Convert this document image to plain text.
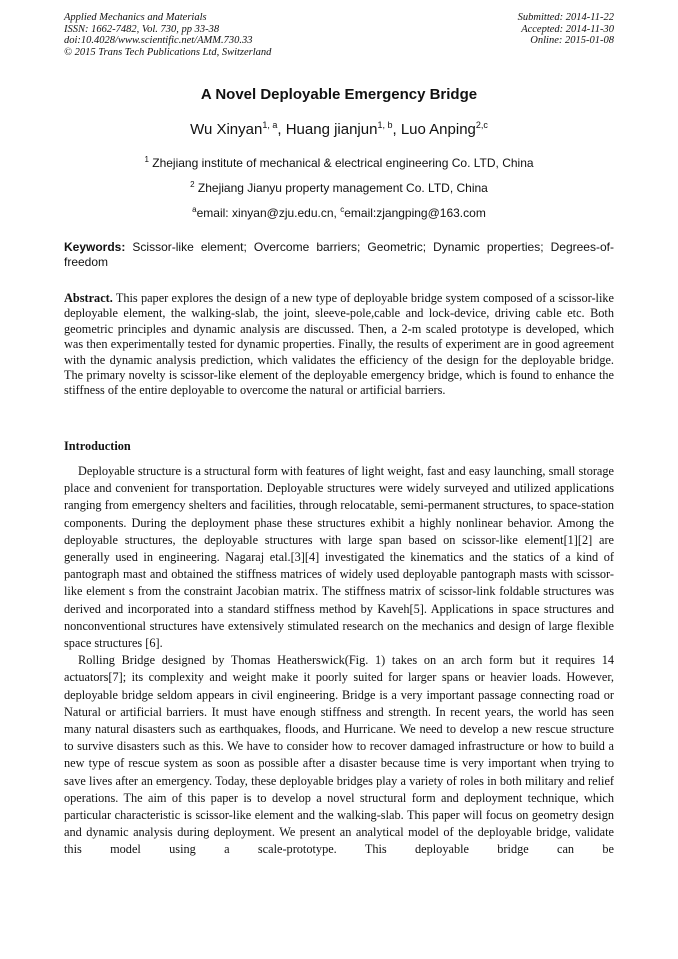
Applied Mechanics and Materials
ISSN: 1662-7482, Vol. 730, pp 33-38
doi:10.4028/www.scientific.net/AMM.730.33
© 2015 Trans Tech Publications Ltd, Switzerland
Submitted: 2014-11-22
Accepted: 2014-11-30
Online: 2015-01-08
A Novel Deployable Emergency Bridge
Wu Xinyan$^{1, a}$, Huang jianjun$^{1, b}$, Luo Anping$^{2,c}$
$^1$ Zhejiang institute of mechanical & electrical engineering Co. LTD, China
$^2$ Zhejiang Jianyu property management Co. LTD, China
$^a$email: xinyan@zju.edu.cn, $^c$email:zjangping@163.com
Keywords: Scissor-like element; Overcome barriers; Geometric; Dynamic properties; Degrees-of-freedom
Abstract. This paper explores the design of a new type of deployable bridge system composed of a scissor-like deployable element, the walking-slab, the joint, sleeve-pole,cable and lock-device, driving cable etc. Both geometric principles and dynamic analysis are discussed. Then, a 2-m scaled prototype is developed, which was then experimentally tested for dynamic properties. Finally, the results of experiment are in good agreement with the dynamic analysis prediction, which validates the efficiency of the design for the deployable bridge. The primary novelty is scissor-like element of the deployable emergency bridge, which is found to enhance the stiffness of the entire deployable to overcome the natural or artificial barriers.
Introduction

Deployable structure is a structural form with features of light weight, fast and easy launching, small storage place and convenient for transportation. Deployable structures were widely surveyed and utilized applications ranging from emergency shelters and facilities, through relocatable, semi-permanent structures, to space-station components. During the deployment phase these structures exhibit a highly nonlinear behavior. Among the deployable structures, the deployable structures with large span based on scissor-like element[1][2] are generally used in engineering. Nagaraj etal.[3][4] investigated the kinematics and the statics of a kind of pantograph mast and obtained the stiffness matrices of widely used deployable pantograph masts with scissor-like element s from the constraint Jacobian matrix. The stiffness matrix of scissor-link foldable structures was derived and incorporated into a standard stiffness method by Kaveh[5]. Applications in space structures and nonconventional structures have extensively stimulated research on the mechanics and design of large flexible space structures [6].

Rolling Bridge designed by Thomas Heatherswick(Fig. 1) takes on an arch form but it requires 14 actuators[7]; its complexity and weight make it poorly suited for larger spans or heavier loads. However, deployable bridge seldom appears in civil engineering. Bridge is a very important passage connecting road or Natural or artificial barriers. It must have enough stiffness and strength. In recent years, the world has seen many natural disasters such as earthquakes, floods, and Hurricane. We need to develop a new rescue structure to survive disasters such as this. We have to consider how to recover damaged infrastructure or how to build a new type of rescue system as soon as possible after a disaster because time is very important when trying to save lives after an emergency. Today, these deployable bridges play a variety of roles in both military and relief operations. The aim of this paper is to develop a novel structural form and deployment technique, which particular characteristic is scissor-like element and the walking-slab. This paper will focus on geometry design and dynamic analysis during deployment. We present an analytical model of the deployable bridge, validate this model using a scale-prototype. This deployable bridge can be
